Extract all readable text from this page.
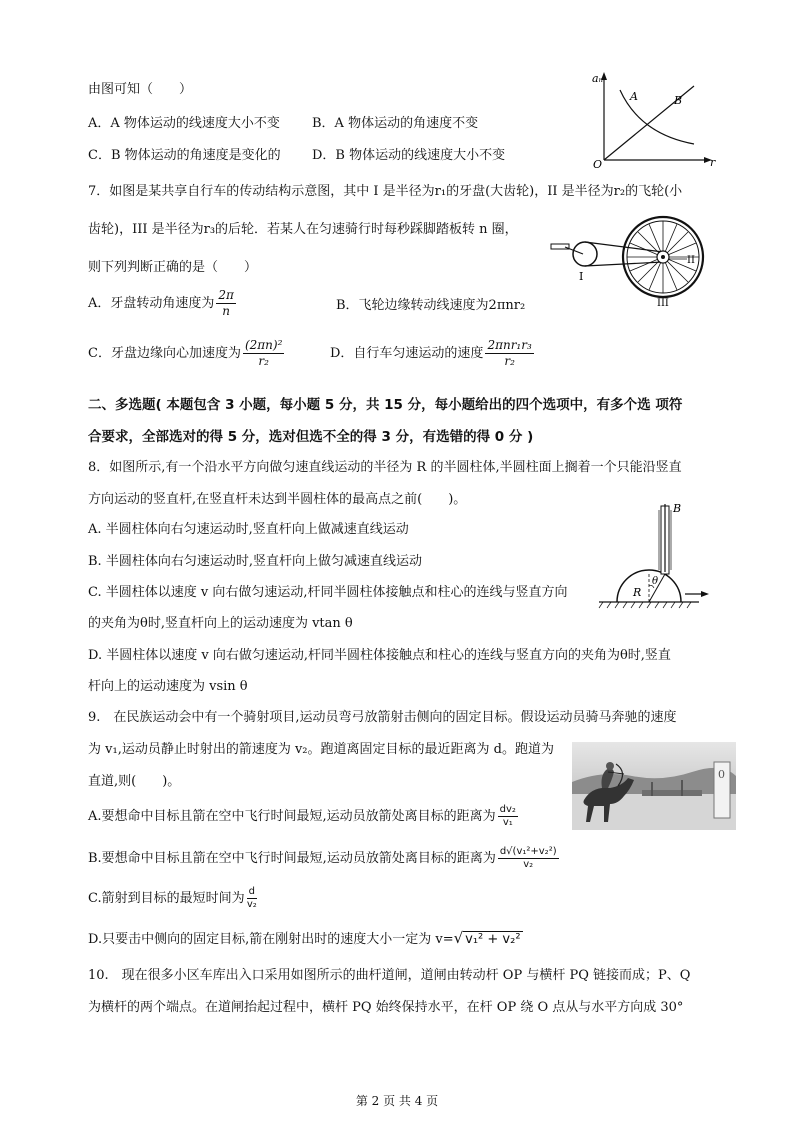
由图可知（　　）
A．A 物体运动的线速度大小不变 B．A 物体运动的角速度不变
C．B 物体运动的角速度是变化的 D．B 物体运动的线速度大小不变
aₙ
r
O
A	B
7．如图是某共享自行车的传动结构示意图，其中 I 是半径为r₁的牙盘(大齿轮)，II 是半径为r₂的飞轮(小
齿轮)，III 是半径为r₃的后轮．若某人在匀速骑行时每秒踩脚踏板转 n 圈，
则下列判断正确的是（　　）
I
II
III
A．牙盘转动角速度为 $\frac{2\pi}{n}$	B．飞轮边缘转动线速度为2πnr₂
C．牙盘边缘向心加速度为 $\frac{\text{(2πn)²}}{\text{r₂}}$	D．自行车匀速运动的速度 $\frac{\text{2πnr₁r₃}}{\text{r₂}}$
二、多选题( 本题包含 3 小题，每小题 5 分，共 15 分，每小题给出的四个选项中，有多个选 项符
合要求，全部选对的得 5 分，选对但选不全的得 3 分，有选错的得 0 分 )
8．如图所示,有一个沿水平方向做匀速直线运动的半径为 R 的半圆柱体,半圆柱面上搁着一个只能沿竖直
方向运动的竖直杆,在竖直杆未达到半圆柱体的最高点之前(　　)。
A. 半圆柱体向右匀速运动时,竖直杆向上做减速直线运动
B. 半圆柱体向右匀速运动时,竖直杆向上做匀减速直线运动
C. 半圆柱体以速度 v 向右做匀速运动,杆同半圆柱体接触点和柱心的连线与竖直方向
的夹角为θ时,竖直杆向上的运动速度为 vtan θ
D. 半圆柱体以速度 v 向右做匀速运动,杆同半圆柱体接触点和柱心的连线与竖直方向的夹角为θ时,竖直
杆向上的运动速度为 vsin θ
B
R
θ
9.　在民族运动会中有一个骑射项目,运动员弯弓放箭射击侧向的固定目标。假设运动员骑马奔驰的速度
为 v₁,运动员静止时射出的箭速度为 v₂。跑道离固定目标的最近距离为 d。跑道为
直道,则(　　)。	0
A.要想命中目标且箭在空中飞行时间最短,运动员放箭处离目标的距离为 $\frac{\text{dv₂}}{\text{v₁}}$
B.要想命中目标且箭在空中飞行时间最短,运动员放箭处离目标的距离为 $\frac{\text{d√(v₁²+v₂²)}}{\text{v₂}}$
C.箭射到目标的最短时间为 $\frac{d}{\text{v₂}}$
D.只要击中侧向的固定目标,箭在刚射出时的速度大小一定为 v=√ v₁² + v₂²
10.　现在很多小区车库出入口采用如图所示的曲杆道闸，道闸由转动杆 OP 与横杆 PQ 链接而成；P、Q
为横杆的两个端点。在道闸抬起过程中，横杆 PQ 始终保持水平，在杆 OP 绕 O 点从与水平方向成 30°
第 2 页 共 4 页
